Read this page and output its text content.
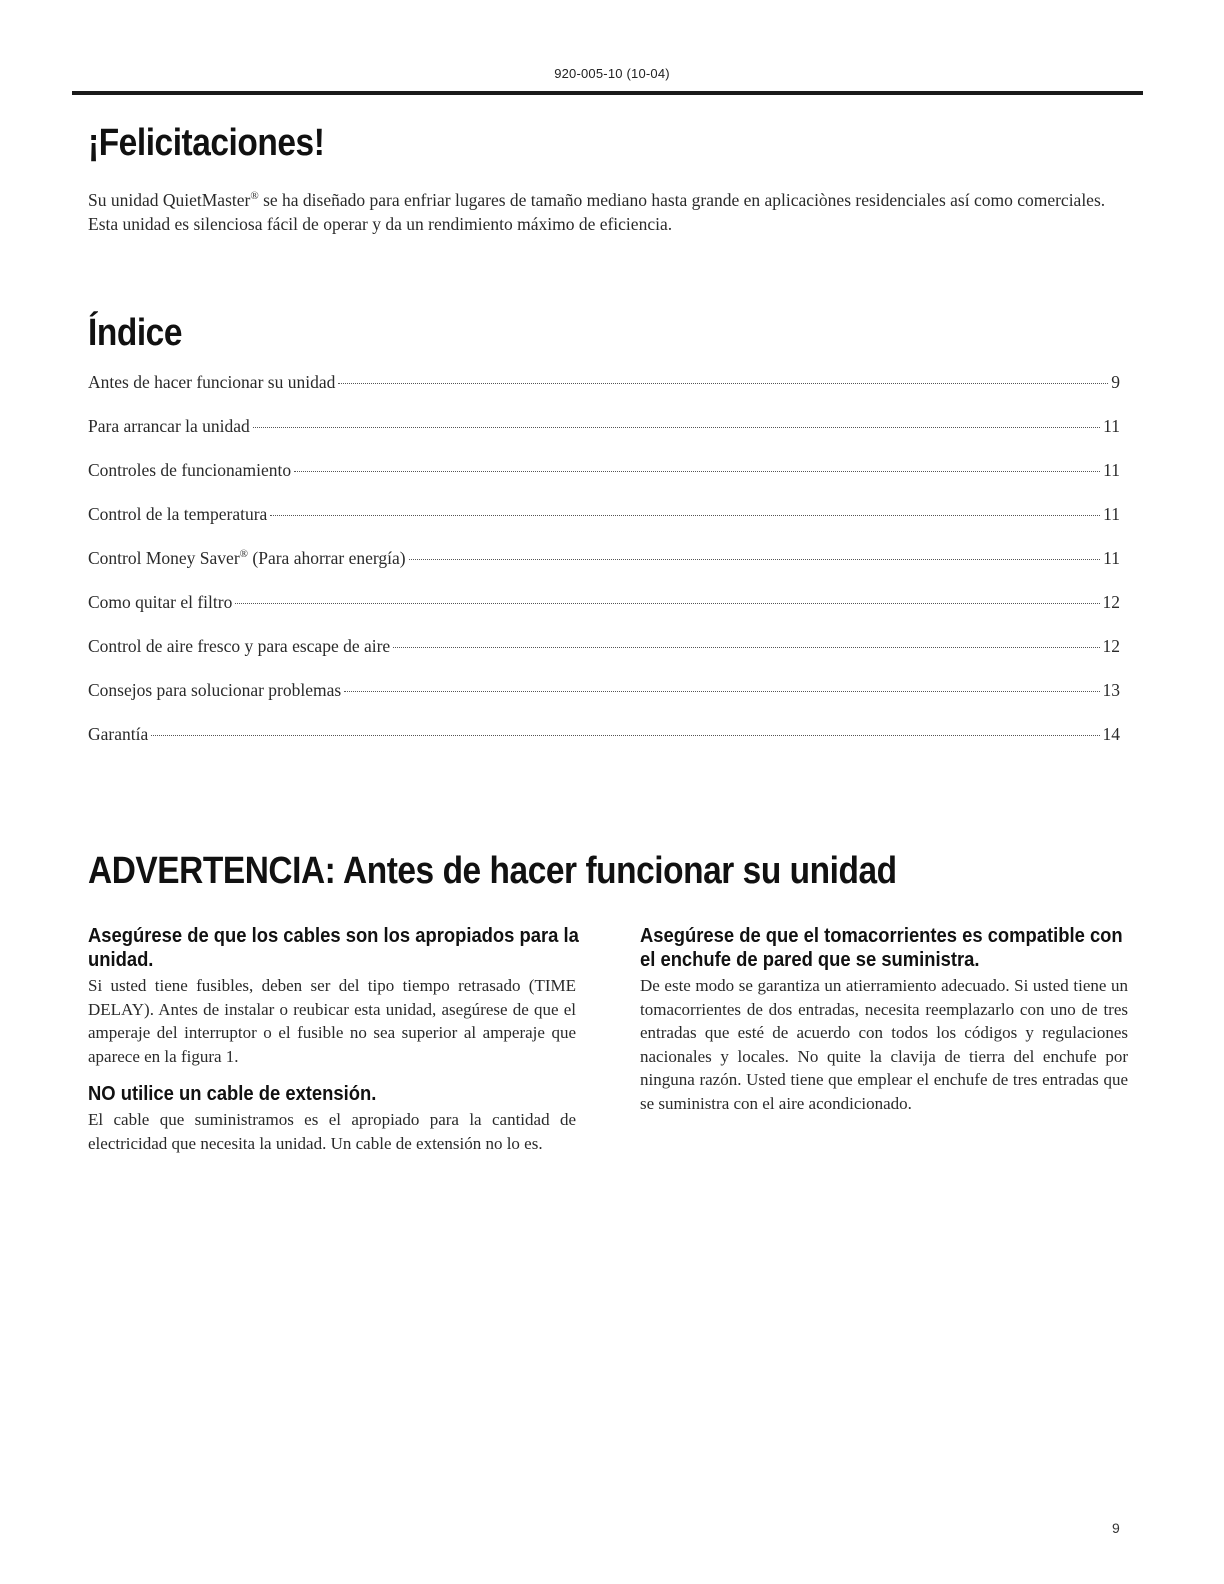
920-005-10 (10-04)
¡Felicitaciones!

Su unidad QuietMaster® se ha diseñado para enfriar lugares de tamaño mediano hasta grande en aplicaciònes residenciales así como comerciales. Esta unidad es silenciosa fácil de operar y da un rendimiento máximo de eficiencia.

Índice
Antes de hacer funcionar su unidad	9
Para arrancar la unidad	11
Controles de funcionamiento	11
Control de la temperatura	11
Control Money Saver® (Para ahorrar energía)	11
Como quitar el filtro	12
Control de aire fresco y para escape de aire	12
Consejos para solucionar problemas	13
Garantía	14
ADVERTENCIA: Antes de hacer funcionar su unidad
Asegúrese de que los cables son los apropiados para la unidad.

Si usted tiene fusibles, deben ser del tipo tiempo retrasado (TIME DELAY). Antes de instalar o reubicar esta unidad, asegúrese de que el amperaje del interruptor o el fusible no sea superior al amperaje que aparece en la figura 1.

NO utilice un cable de extensión.

El cable que suministramos es el apropiado para la cantidad de electricidad que necesita la unidad. Un cable de extensión no lo es.

Asegúrese de que el tomacorrientes es compatible con el enchufe de pared que se suministra.

De este modo se garantiza un atierramiento adecuado. Si usted tiene un tomacorrientes de dos entradas, necesita reemplazarlo con uno de tres entradas que esté de acuerdo con todos los códigos y regulaciones nacionales y locales. No quite la clavija de tierra del enchufe por ninguna razón. Usted tiene que emplear el enchufe de tres entradas que se suministra con el aire acondicionado.

9
